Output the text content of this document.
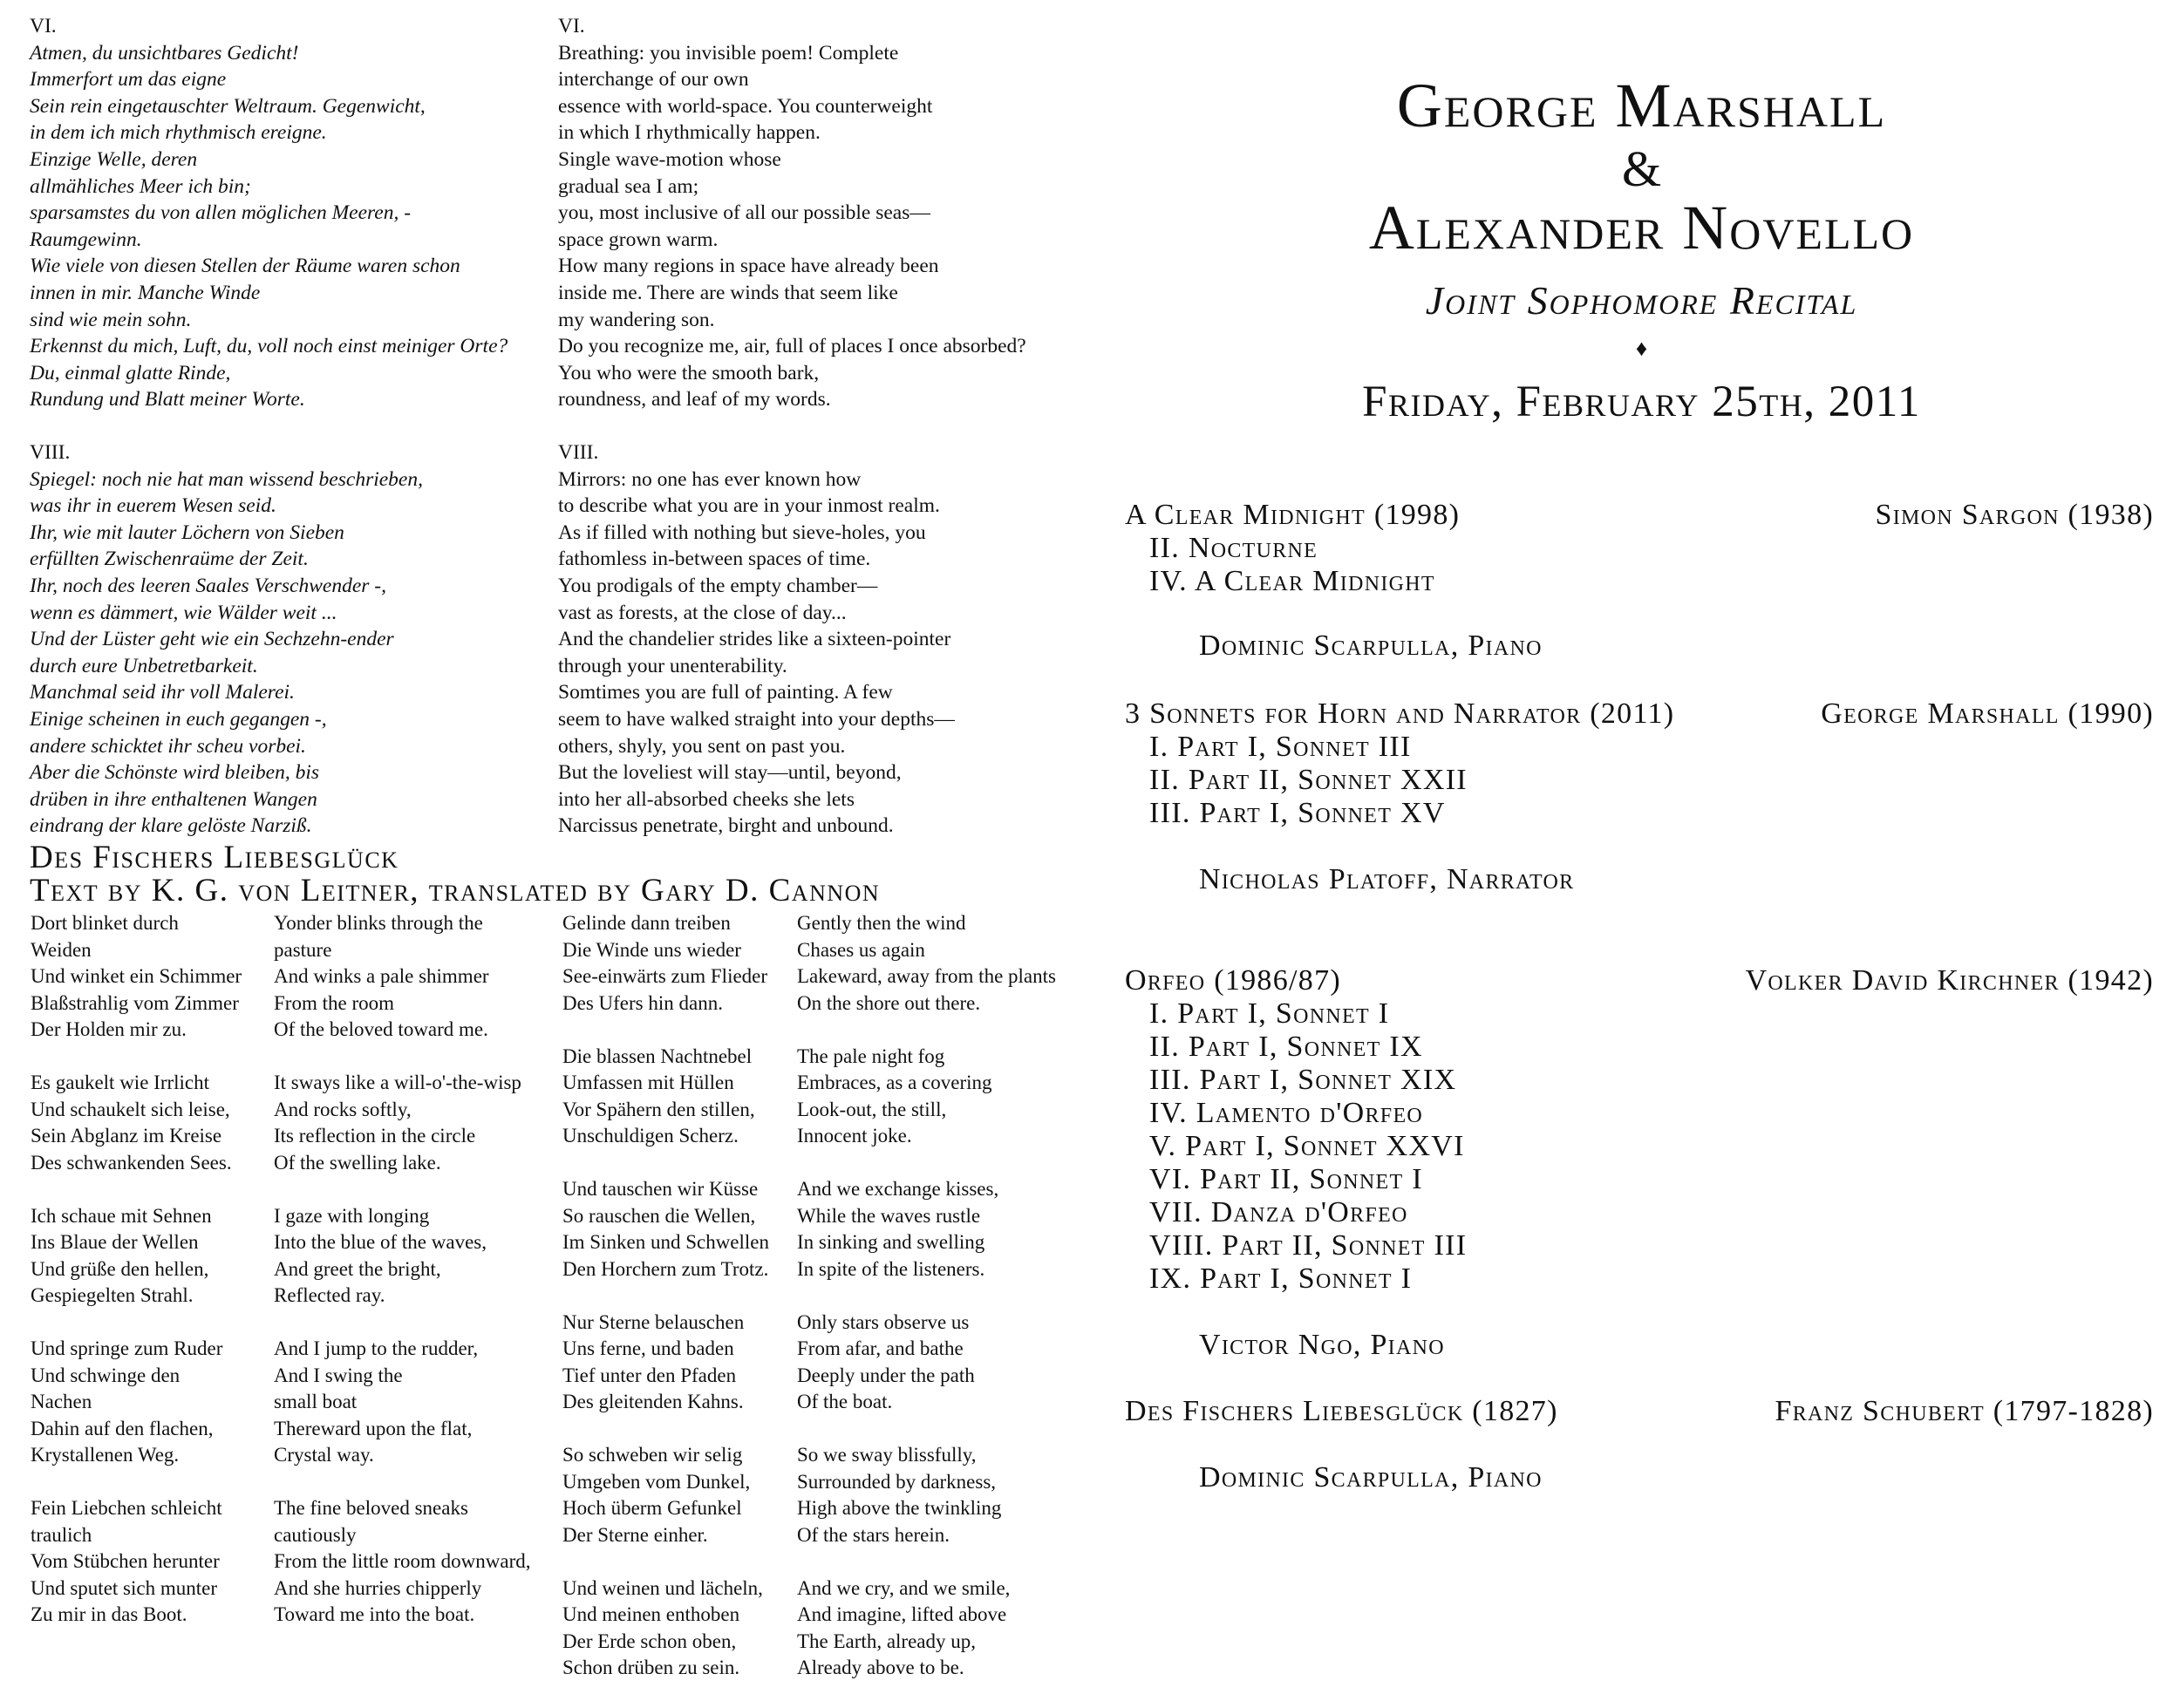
VI.
Atmen, du unsichtbares Gedicht!
Immerfort um das eigne
Sein rein eingetauschter Weltraum. Gegenwicht,
in dem ich mich rhythmisch ereigne.
Einzige Welle, deren
allmähliches Meer ich bin;
sparsamstes du von allen möglichen Meeren, -
Raumgewinn.
Wie viele von diesen Stellen der Räume waren schon
innen in mir. Manche Winde
sind wie mein sohn.
Erkennst du mich, Luft, du, voll noch einst meiniger Orte?
Du, einmal glatte Rinde,
Rundung und Blatt meiner Worte.
VI.
Breathing: you invisible poem! Complete
interchange of our own
essence with world-space. You counterweight
in which I rhythmically happen.
Single wave-motion whose
gradual sea I am;
you, most inclusive of all our possible seas—
space grown warm.
How many regions in space have already been
inside me. There are winds that seem like
my wandering son.
Do you recognize me, air, full of places I once absorbed?
You who were the smooth bark,
roundness, and leaf of my words.
VIII.
Spiegel: noch nie hat man wissend beschrieben,
was ihr in euerem Wesen seid.
Ihr, wie mit lauter Löchern von Sieben
erfüllten Zwischenraüme der Zeit.
Ihr, noch des leeren Saales Verschwender -,
wenn es dämmert, wie Wälder weit ...
Und der Lüster geht wie ein Sechzehn-ender
durch eure Unbetretbarkeit.
Manchmal seid ihr voll Malerei.
Einige scheinen in euch gegangen -,
andere schicktet ihr scheu vorbei.
Aber die Schönste wird bleiben, bis
drüben in ihre enthaltenen Wangen
eindrang der klare gelöste Narziß.
VIII.
Mirrors: no one has ever known how
to describe what you are in your inmost realm.
As if filled with nothing but sieve-holes, you
fathomless in-between spaces of time.
You prodigals of the empty chamber—
vast as forests, at the close of day...
And the chandelier strides like a sixteen-pointer
through your unenterability.
Somtimes you are full of painting. A few
seem to have walked straight into your depths—
others, shyly, you sent on past you.
But the loveliest will stay—until, beyond,
into her all-absorbed cheeks she lets
Narcissus penetrate, birght and unbound.
Des Fischers Liebesglück
Text by K. G. von Leitner, translated by Gary D. Cannon
Dort blinket durch
Weiden
Und winket ein Schimmer
Blaßstrahlig vom Zimmer
Der Holden mir zu.
Es gaukelt wie Irrlicht
Und schaukelt sich leise,
Sein Abglanz im Kreise
Des schwankenden Sees.
Ich schaue mit Sehnen
Ins Blaue der Wellen
Und grüße den hellen,
Gespiegelten Strahl.
Und springe zum Ruder
Und schwinge den
Nachen
Dahin auf den flachen,
Krystallenen Weg.
Fein Liebchen schleicht
traulich
Vom Stübchen herunter
Und sputet sich munter
Zu mir in das Boot.
Yonder blinks through the
pasture
And winks a pale shimmer
From the room
Of the beloved toward me.
It sways like a will-o'-the-wisp
And rocks softly,
Its reflection in the circle
Of the swelling lake.
I gaze with longing
Into the blue of the waves,
And greet the bright,
Reflected ray.
And I jump to the rudder,
And I swing the
small boat
Thereward upon the flat,
Crystal way.
The fine beloved sneaks
cautiously
From the little room downward,
And she hurries chipperly
Toward me into the boat.
Gelinde dann treiben
Die Winde uns wieder
See-einwärts zum Flieder
Des Ufers hin dann.
Die blassen Nachtnebel
Umfassen mit Hüllen
Vor Spähern den stillen,
Unschuldigen Scherz.
Und tauschen wir Küsse
So rauschen die Wellen,
Im Sinken und Schwellen
Den Horchern zum Trotz.
Nur Sterne belauschen
Uns ferne, und baden
Tief unter den Pfaden
Des gleitenden Kahns.
So schweben wir selig
Umgeben vom Dunkel,
Hoch überm Gefunkel
Der Sterne einher.
Und weinen und lächeln,
Und meinen enthoben
Der Erde schon oben,
Schon drüben zu sein.
Gently then the wind
Chases us again
Lakeward, away from the plants
On the shore out there.
The pale night fog
Embraces, as a covering
Look-out, the still,
Innocent joke.
And we exchange kisses,
While the waves rustle
In sinking and swelling
In spite of the listeners.
Only stars observe us
From afar, and bathe
Deeply under the path
Of the boat.
So we sway blissfully,
Surrounded by darkness,
High above the twinkling
Of the stars herein.
And we cry, and we smile,
And imagine, lifted above
The Earth, already up,
Already above to be.
George Marshall
&
Alexander Novello
Joint Sophomore Recital
♦
Friday, February 25th, 2011
A Clear Midnight (1998)	Simon Sargon (1938)
II. Nocturne
IV. A Clear Midnight
Dominic Scarpulla, Piano
3 Sonnets for Horn and Narrator (2011)	George Marshall (1990)
I. Part I, Sonnet III
II. Part II, Sonnet XXII
III. Part I, Sonnet XV
Nicholas Platoff, Narrator
Orfeo (1986/87)	Volker David Kirchner (1942)
I. Part I, Sonnet I
II. Part I, Sonnet IX
III. Part I, Sonnet XIX
IV. Lamento d'Orfeo
V. Part I, Sonnet XXVI
VI. Part II, Sonnet I
VII. Danza d'Orfeo
VIII. Part II, Sonnet III
IX. Part I, Sonnet I
Victor Ngo, Piano
Des Fischers Liebesglück (1827)	Franz Schubert (1797-1828)
Dominic Scarpulla, Piano
